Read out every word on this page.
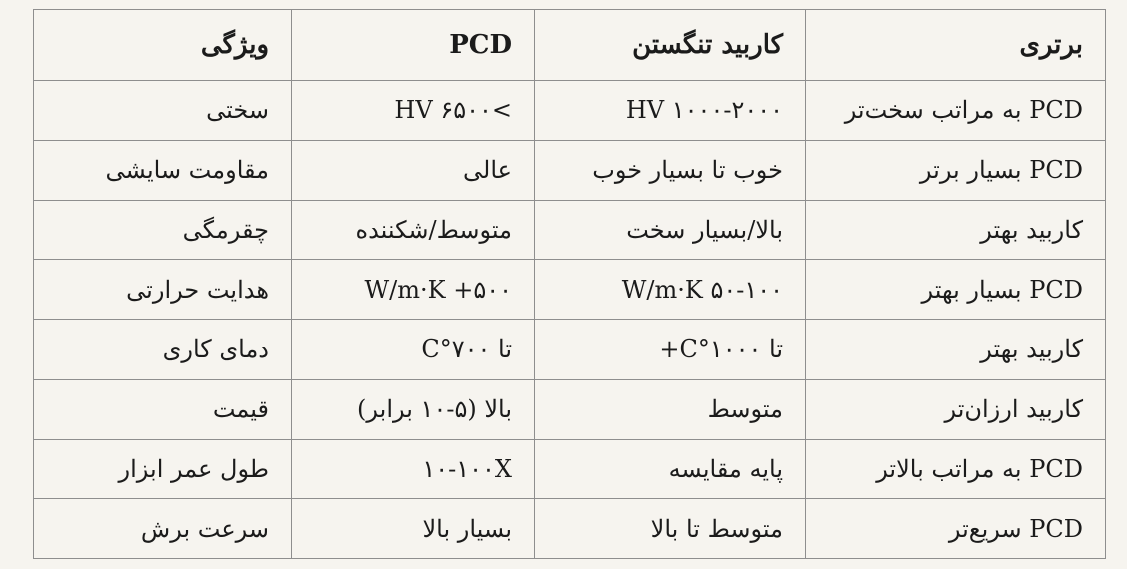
برتری	کاربید تنگستن	PCD	ویژگی
PCD به مراتب سخت‌تر	۱۰۰۰-۲۰۰۰ HV	>۶۵۰۰ HV	سختی
PCD بسیار برتر	خوب تا بسیار خوب	عالی	مقاومت سایشی
کاربید بهتر	بالا/بسیار سخت	متوسط/شکننده	چقرمگی
PCD بسیار بهتر	۵۰-۱۰۰ W/m·K	۵۰۰+ W/m·K	هدایت حرارتی
کاربید بهتر	تا ۱۰۰۰°C+	تا ۷۰۰°C	دمای کاری
کاربید ارزان‌تر	متوسط	بالا (۵-۱۰ برابر)	قیمت
PCD به مراتب بالاتر	پایه مقایسه	۱۰-۱۰۰X	طول عمر ابزار
PCD سریع‌تر	متوسط تا بالا	بسیار بالا	سرعت برش
